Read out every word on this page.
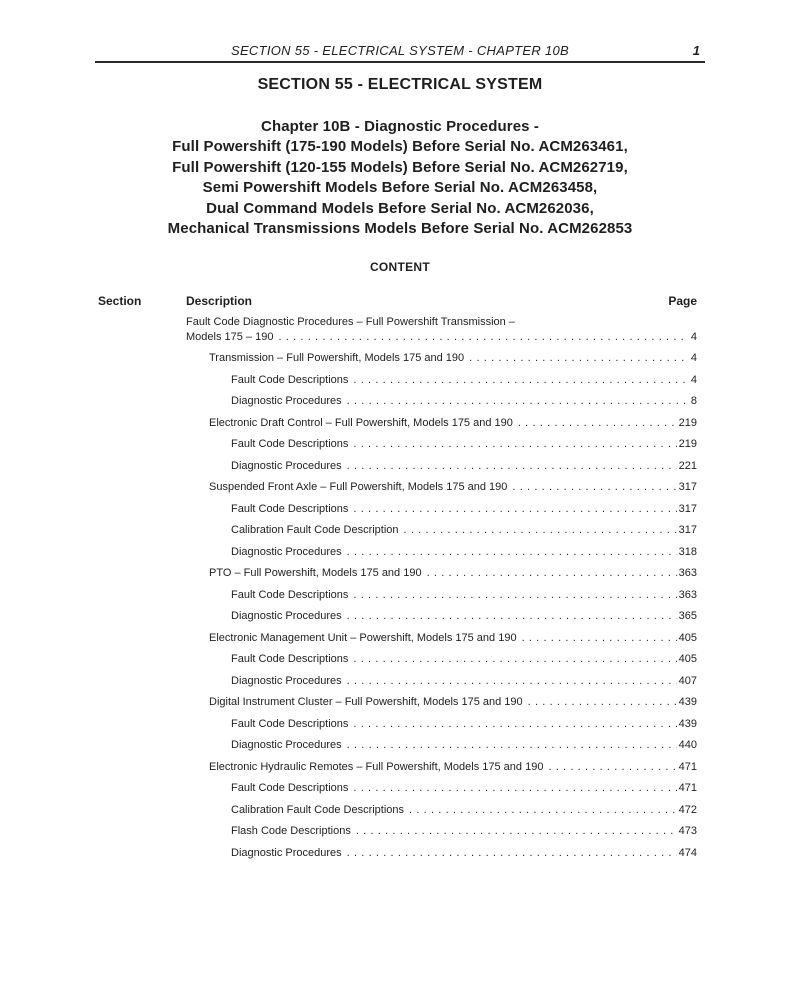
SECTION 55 - ELECTRICAL SYSTEM - CHAPTER 10B	1
SECTION 55 - ELECTRICAL SYSTEM
Chapter 10B - Diagnostic Procedures -
Full Powershift (175-190 Models) Before Serial No. ACM263461,
Full Powershift (120-155 Models) Before Serial No. ACM262719,
Semi Powershift Models Before Serial No. ACM263458,
Dual Command Models Before Serial No. ACM262036,
Mechanical Transmissions Models Before Serial No. ACM262853
CONTENT
Section	Description	Page
Fault Code Diagnostic Procedures – Full Powershift Transmission –
Models 175 – 190 . . .	4
Transmission – Full Powershift, Models 175 and 190 . . .	4
Fault Code Descriptions . . .	4
Diagnostic Procedures . . .	8
Electronic Draft Control – Full Powershift, Models 175 and 190 . . .	219
Fault Code Descriptions . . .	219
Diagnostic Procedures . . .	221
Suspended Front Axle – Full Powershift, Models 175 and 190 . . .	317
Fault Code Descriptions . . .	317
Calibration Fault Code Description . . .	317
Diagnostic Procedures . . .	318
PTO – Full Powershift, Models 175 and 190 . . .	363
Fault Code Descriptions . . .	363
Diagnostic Procedures . . .	365
Electronic Management Unit – Powershift, Models 175 and 190 . . .	405
Fault Code Descriptions . . .	405
Diagnostic Procedures . . .	407
Digital Instrument Cluster – Full Powershift, Models 175 and 190 . . .	439
Fault Code Descriptions . . .	439
Diagnostic Procedures . . .	440
Electronic Hydraulic Remotes – Full Powershift, Models 175 and 190 . . .	471
Fault Code Descriptions . . .	471
Calibration Fault Code Descriptions . . .	472
Flash Code Descriptions . . .	473
Diagnostic Procedures . . .	474
